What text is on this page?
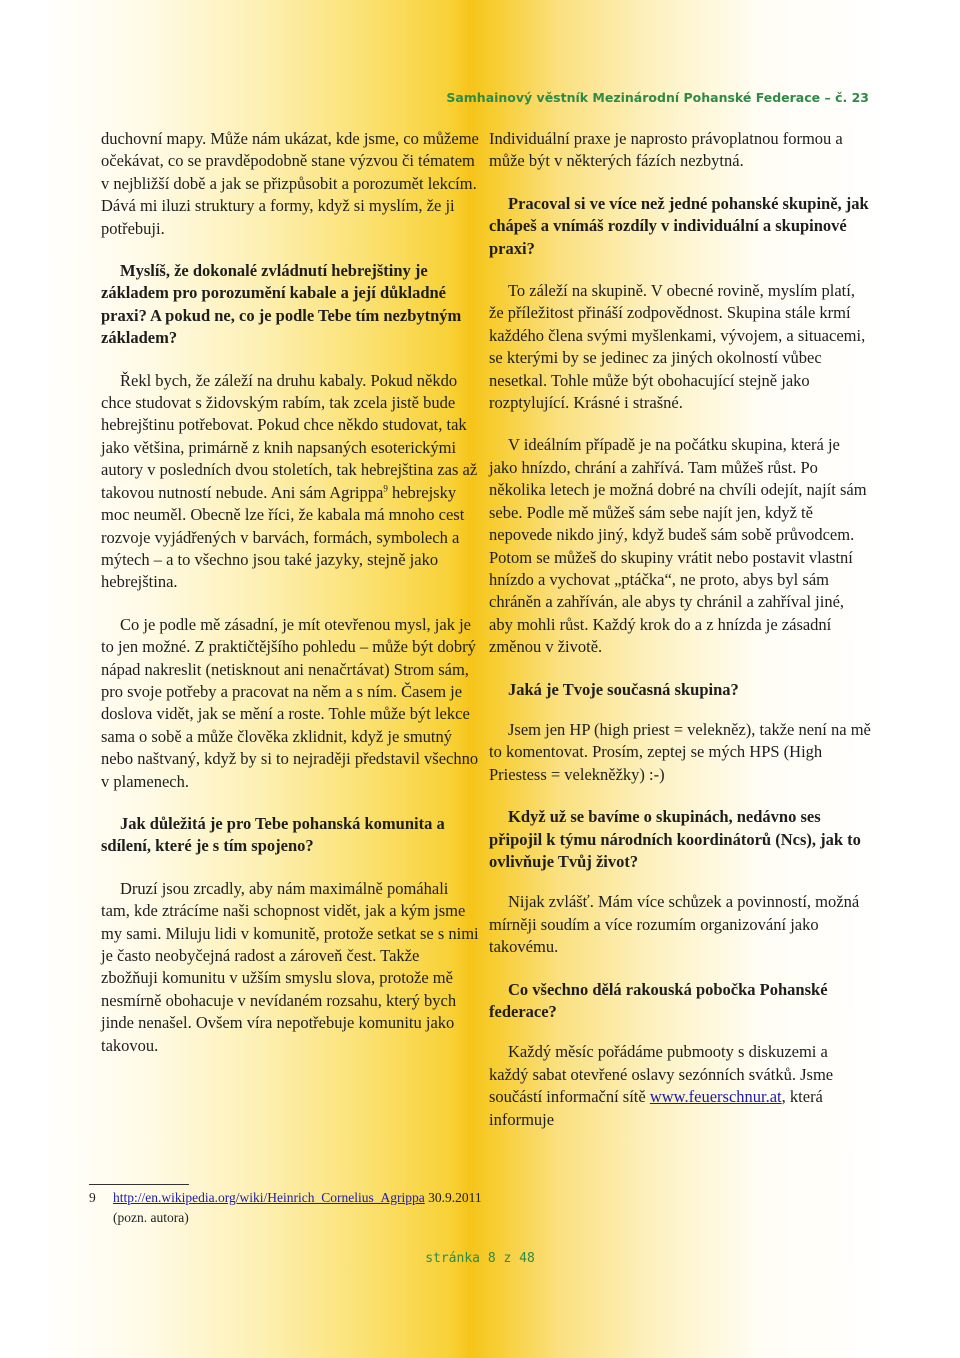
Samhainový věstník Mezinárodní Pohanské Federace – č. 23

duchovní mapy. Může nám ukázat, kde jsme, co můžeme očekávat, co se pravděpodobně stane výzvou či tématem v nejbližší době a jak se přizpůsobit a porozumět lekcím. Dává mi iluzi struktury a formy, když si myslím, že ji potřebuji.

Myslíš, že dokonalé zvládnutí hebrejštiny je základem pro porozumění kabale a její důkladné praxi? A pokud ne, co je podle Tebe tím nezbytným základem?

Řekl bych, že záleží na druhu kabaly. Pokud někdo chce studovat s židovským rabím, tak zcela jistě bude hebrejštinu potřebovat. Pokud chce někdo studovat, tak jako většina, primárně z knih napsaných esoterickými autory v posledních dvou stoletích, tak hebrejština zas až takovou nutností nebude. Ani sám Agrippa$^9$ hebrejsky moc neuměl. Obecně lze říci, že kabala má mnoho cest rozvoje vyjádřených v barvách, formách, symbolech a mýtech – a to všechno jsou také jazyky, stejně jako hebrejština.

Co je podle mě zásadní, je mít otevřenou mysl, jak je to jen možné. Z praktičtějšího pohledu – může být dobrý nápad nakreslit (netisknout ani nenačrtávat) Strom sám, pro svoje potřeby a pracovat na něm a s ním. Časem je doslova vidět, jak se mění a roste. Tohle může být lekce sama o sobě a může člověka zklidnit, když je smutný nebo naštvaný, když by si to nejraději představil všechno v plamenech.

Jak důležitá je pro Tebe pohanská komunita a sdílení, které je s tím spojeno?

Druzí jsou zrcadly, aby nám maximálně pomáhali tam, kde ztrácíme naši schopnost vidět, jak a kým jsme my sami. Miluju lidi v komunitě, protože setkat se s nimi je často neobyčejná radost a zároveň čest. Takže zbožňuji komunitu v užším smyslu slova, protože mě nesmírně obohacuje v nevídaném rozsahu, který bych jinde nenašel. Ovšem víra nepotřebuje komunitu jako takovou.

9 http://en.wikipedia.org/wiki/Heinrich_Cornelius_Agrippa 30.9.2011 (pozn. autora)

Individuální praxe je naprosto právoplatnou formou a může být v některých fázích nezbytná.

Pracoval si ve více než jedné pohanské skupině, jak chápeš a vnímáš rozdíly v individuální a skupinové praxi?

To záleží na skupině. V obecné rovině, myslím platí, že příležitost přináší zodpovědnost. Skupina stále krmí každého člena svými myšlenkami, vývojem, a situacemi, se kterými by se jedinec za jiných okolností vůbec nesetkal. Tohle může být obohacující stejně jako rozptylující. Krásné i strašné.

V ideálním případě je na počátku skupina, která je jako hnízdo, chrání a zahřívá. Tam můžeš růst. Po několika letech je možná dobré na chvíli odejít, najít sám sebe. Podle mě můžeš sám sebe najít jen, když tě nepovede nikdo jiný, když budeš sám sobě průvodcem. Potom se můžeš do skupiny vrátit nebo postavit vlastní hnízdo a vychovat „ptáčka“, ne proto, abys byl sám chráněn a zahříván, ale abys ty chránil a zahříval jiné, aby mohli růst. Každý krok do a z hnízda je zásadní změnou v životě.

Jaká je Tvoje současná skupina?

Jsem jen HP (high priest = velekněz), takže není na mě to komentovat. Prosím, zeptej se mých HPS (High Priestess = velekněžky) :-)

Když už se bavíme o skupinách, nedávno ses připojil k týmu národních koordinátorů (Ncs), jak to ovlivňuje Tvůj život?

Nijak zvlášť. Mám více schůzek a povinností, možná mírněji soudím a více rozumím organizování jako takovému.

Co všechno dělá rakouská pobočka Pohanské federace?

Každý měsíc pořádáme pubmooty s diskuzemi a každý sabat otevřené oslavy sezónních svátků. Jsme součástí informační sítě www.feuerschnur.at, která informuje

stránka 8 z 48
